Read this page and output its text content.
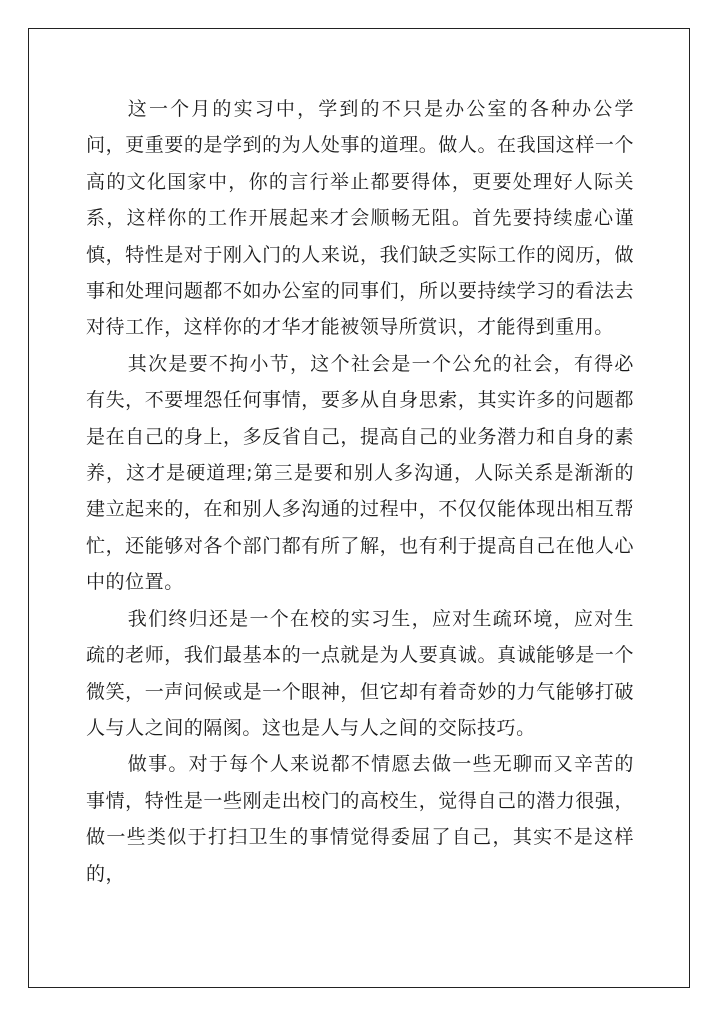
这一个月的实习中，学到的不只是办公室的各种办公学问，更重要的是学到的为人处事的道理。做人。在我国这样一个高的文化国家中，你的言行举止都要得体，更要处理好人际关系，这样你的工作开展起来才会顺畅无阻。首先要持续虚心谨慎，特性是对于刚入门的人来说，我们缺乏实际工作的阅历，做事和处理问题都不如办公室的同事们，所以要持续学习的看法去对待工作，这样你的才华才能被领导所赏识，才能得到重用。

其次是要不拘小节，这个社会是一个公允的社会，有得必有失，不要埋怨任何事情，要多从自身思索，其实许多的问题都是在自己的身上，多反省自己，提高自己的业务潜力和自身的素养，这才是硬道理;第三是要和别人多沟通，人际关系是渐渐的建立起来的，在和别人多沟通的过程中，不仅仅能体现出相互帮忙，还能够对各个部门都有所了解，也有利于提高自己在他人心中的位置。

我们终归还是一个在校的实习生，应对生疏环境，应对生疏的老师，我们最基本的一点就是为人要真诚。真诚能够是一个微笑，一声问候或是一个眼神，但它却有着奇妙的力气能够打破人与人之间的隔阂。这也是人与人之间的交际技巧。

做事。对于每个人来说都不情愿去做一些无聊而又辛苦的事情，特性是一些刚走出校门的高校生，觉得自己的潜力很强，做一些类似于打扫卫生的事情觉得委屈了自己，其实不是这样的，
